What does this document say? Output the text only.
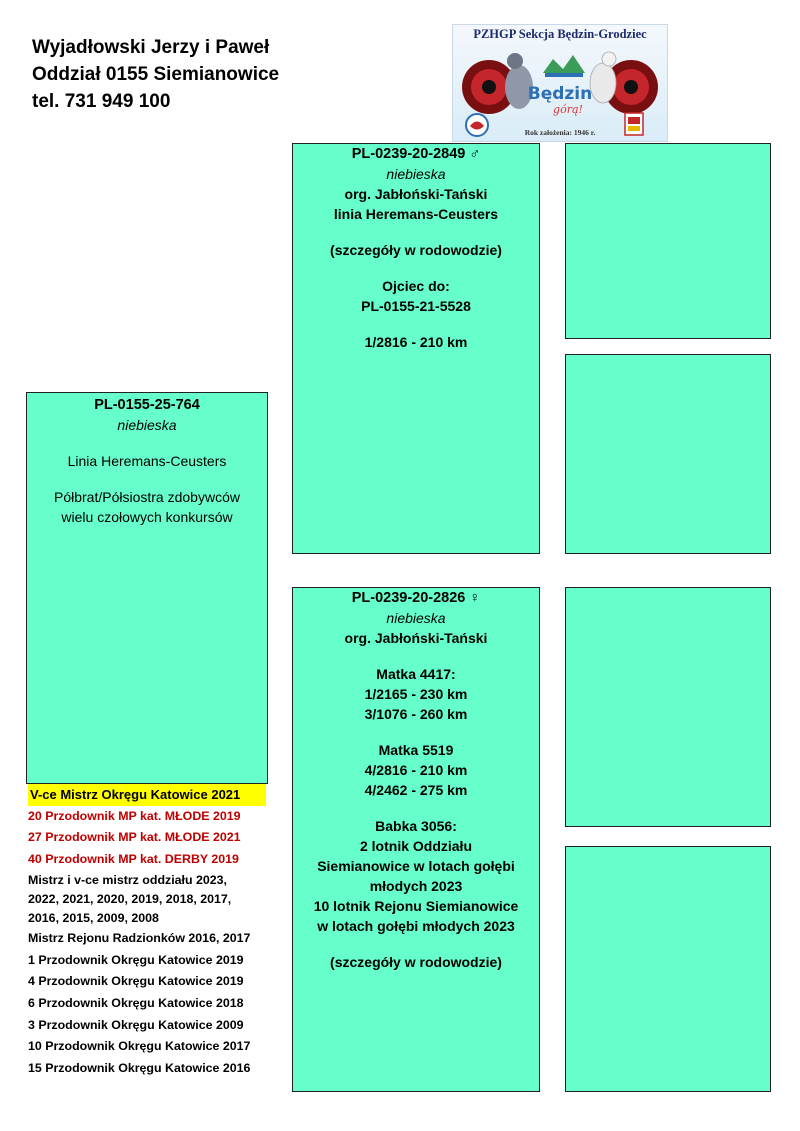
Wyjadłowski Jerzy i Paweł
Oddział 0155 Siemianowice
tel. 731 949 100
PZHGP Sekcja Będzin-Grodziec
Będzin
górą!
Rok założenia: 1946 r.
PL-0155-25-764
niebieska
Linia Heremans-Ceusters
Półbrat/Półsiostra zdobywców wielu czołowych konkursów
PL-0239-20-2849 ♂
niebieska
org. Jabłoński-Tański
linia Heremans-Ceusters
(szczegóły w rodowodzie)
Ojciec do:
PL-0155-21-5528
1/2816 - 210 km
PL-0239-20-2826 ♀
niebieska
org. Jabłoński-Tański
Matka 4417:
1/2165 - 230 km
3/1076 - 260 km
Matka 5519
4/2816 - 210 km
4/2462 - 275 km
Babka 3056:
2 lotnik Oddziału
Siemianowice w lotach gołębi
młodych 2023
10 lotnik Rejonu Siemianowice
w lotach gołębi młodych 2023
(szczegóły w rodowodzie)
V-ce Mistrz Okręgu Katowice 2021
20 Przodownik MP kat. MŁODE 2019
27 Przodownik MP kat. MŁODE 2021
40 Przodownik MP kat. DERBY 2019
Mistrz i v-ce mistrz oddziału 2023, 2022, 2021, 2020, 2019, 2018, 2017, 2016, 2015, 2009, 2008
Mistrz Rejonu Radzionków 2016, 2017
1 Przodownik Okręgu Katowice 2019
4 Przodownik Okręgu Katowice 2019
6 Przodownik Okręgu Katowice 2018
3 Przodownik Okręgu Katowice 2009
10 Przodownik Okręgu Katowice 2017
15 Przodownik Okręgu Katowice 2016
